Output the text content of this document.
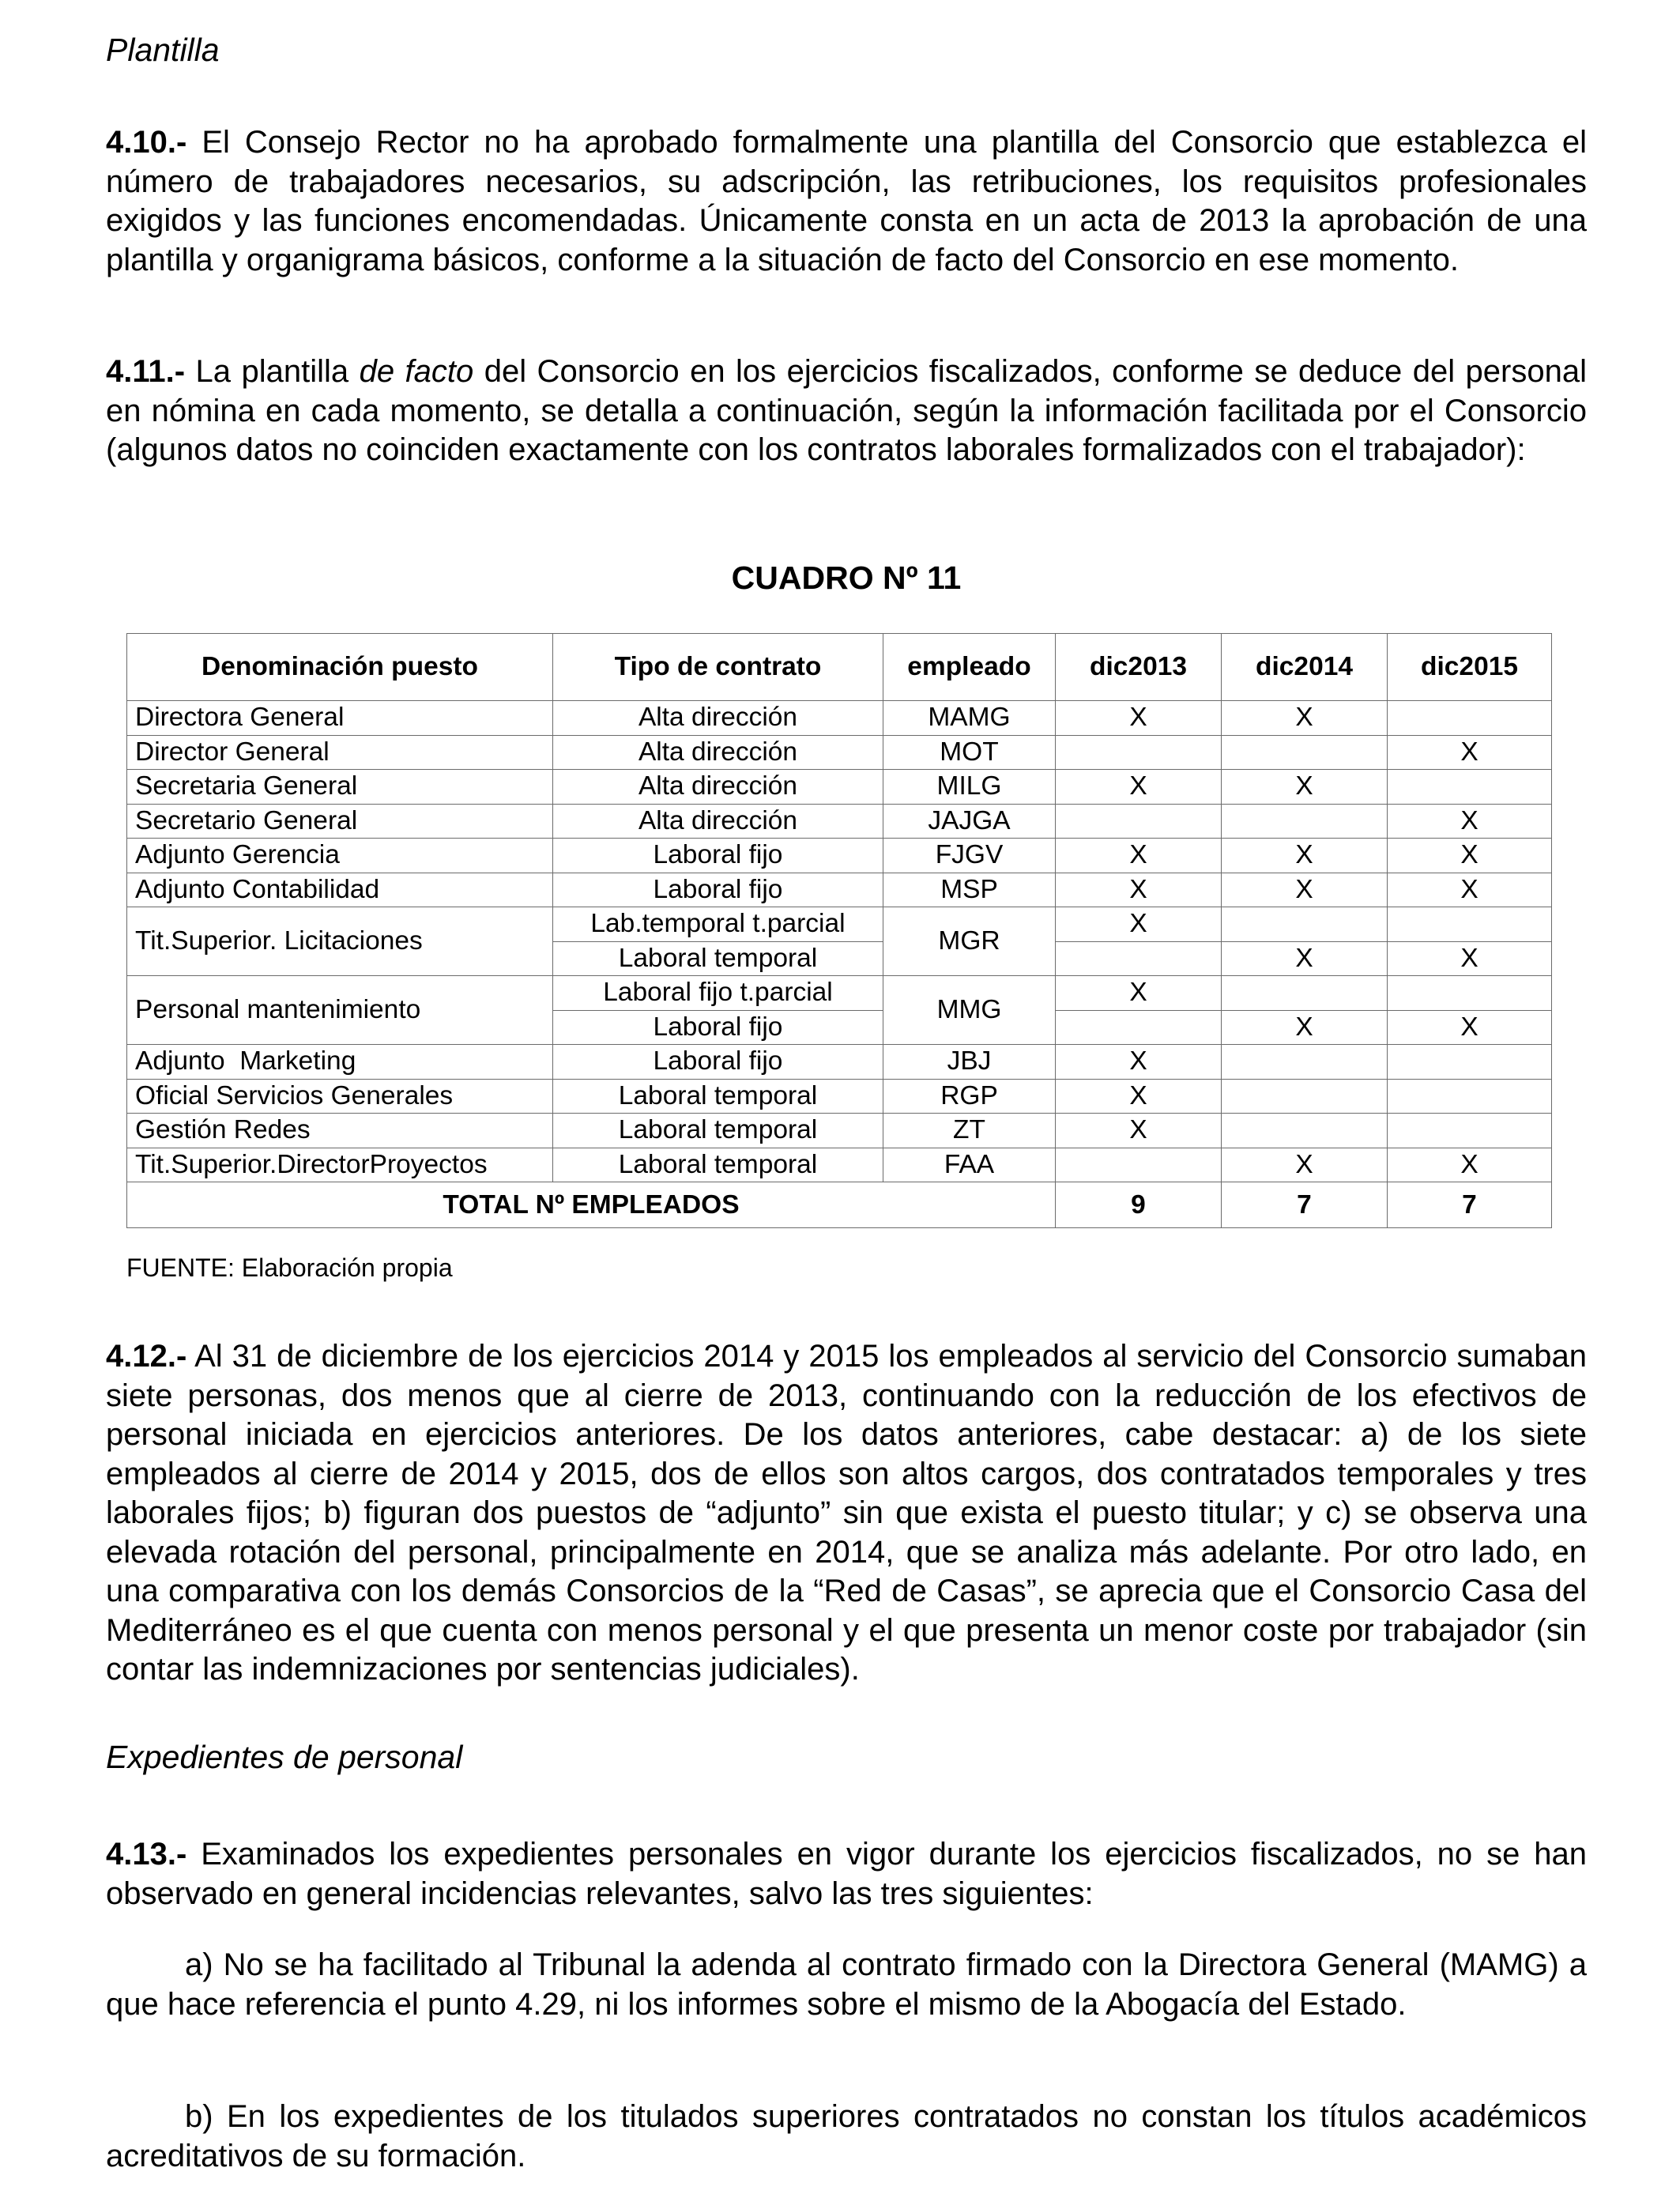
Plantilla

4.10.- El Consejo Rector no ha aprobado formalmente una plantilla del Consorcio que establezca el número de trabajadores necesarios, su adscripción, las retribuciones, los requisitos profesionales exigidos y las funciones encomendadas. Únicamente consta en un acta de 2013 la aprobación de una plantilla y organigrama básicos, conforme a la situación de facto del Consorcio en ese momento.

4.11.- La plantilla de facto del Consorcio en los ejercicios fiscalizados, conforme se deduce del personal en nómina en cada momento, se detalla a continuación, según la información facilitada por el Consorcio (algunos datos no coinciden exactamente con los contratos laborales formalizados con el trabajador):

CUADRO Nº 11

Denominación puesto	Tipo de contrato	empleado	dic2013	dic2014	dic2015
Directora General	Alta dirección	MAMG	X	X	
Director General	Alta dirección	MOT			X
Secretaria General	Alta dirección	MILG	X	X	
Secretario General	Alta dirección	JAJGA			X
Adjunto Gerencia	Laboral fijo	FJGV	X	X	X
Adjunto Contabilidad	Laboral fijo	MSP	X	X	X
Tit.Superior. Licitaciones	Lab.temporal t.parcial	MGR	X		
	Laboral temporal			X	X
Personal mantenimiento	Laboral fijo t.parcial	MMG	X		
	Laboral fijo			X	X
Adjunto  Marketing	Laboral fijo	JBJ	X		
Oficial Servicios Generales	Laboral temporal	RGP	X		
Gestión Redes	Laboral temporal	ZT	X		
Tit.Superior.DirectorProyectos	Laboral temporal	FAA		X	X
TOTAL Nº EMPLEADOS			9	7	7
FUENTE: Elaboración propia

4.12.- Al 31 de diciembre de los ejercicios 2014 y 2015 los empleados al servicio del Consorcio sumaban siete personas, dos menos que al cierre de 2013, continuando con la reducción de los efectivos de personal iniciada en ejercicios anteriores. De los datos anteriores, cabe destacar: a) de los siete empleados al cierre de 2014 y 2015, dos de ellos son altos cargos, dos contratados temporales y tres laborales fijos; b) figuran dos puestos de “adjunto” sin que exista el puesto titular; y c) se observa una elevada rotación del personal, principalmente en 2014, que se analiza más adelante. Por otro lado, en una comparativa con los demás Consorcios de la “Red de Casas”, se aprecia que el Consorcio Casa del Mediterráneo es el que cuenta con menos personal y el que presenta un menor coste por trabajador (sin contar las indemnizaciones por sentencias judiciales).

Expedientes de personal

4.13.- Examinados los expedientes personales en vigor durante los ejercicios fiscalizados, no se han observado en general incidencias relevantes, salvo las tres siguientes:

a) No se ha facilitado al Tribunal la adenda al contrato firmado con la Directora General (MAMG) a que hace referencia el punto 4.29, ni los informes sobre el mismo de la Abogacía del Estado.

b) En los expedientes de los titulados superiores contratados no constan los títulos académicos acreditativos de su formación.
